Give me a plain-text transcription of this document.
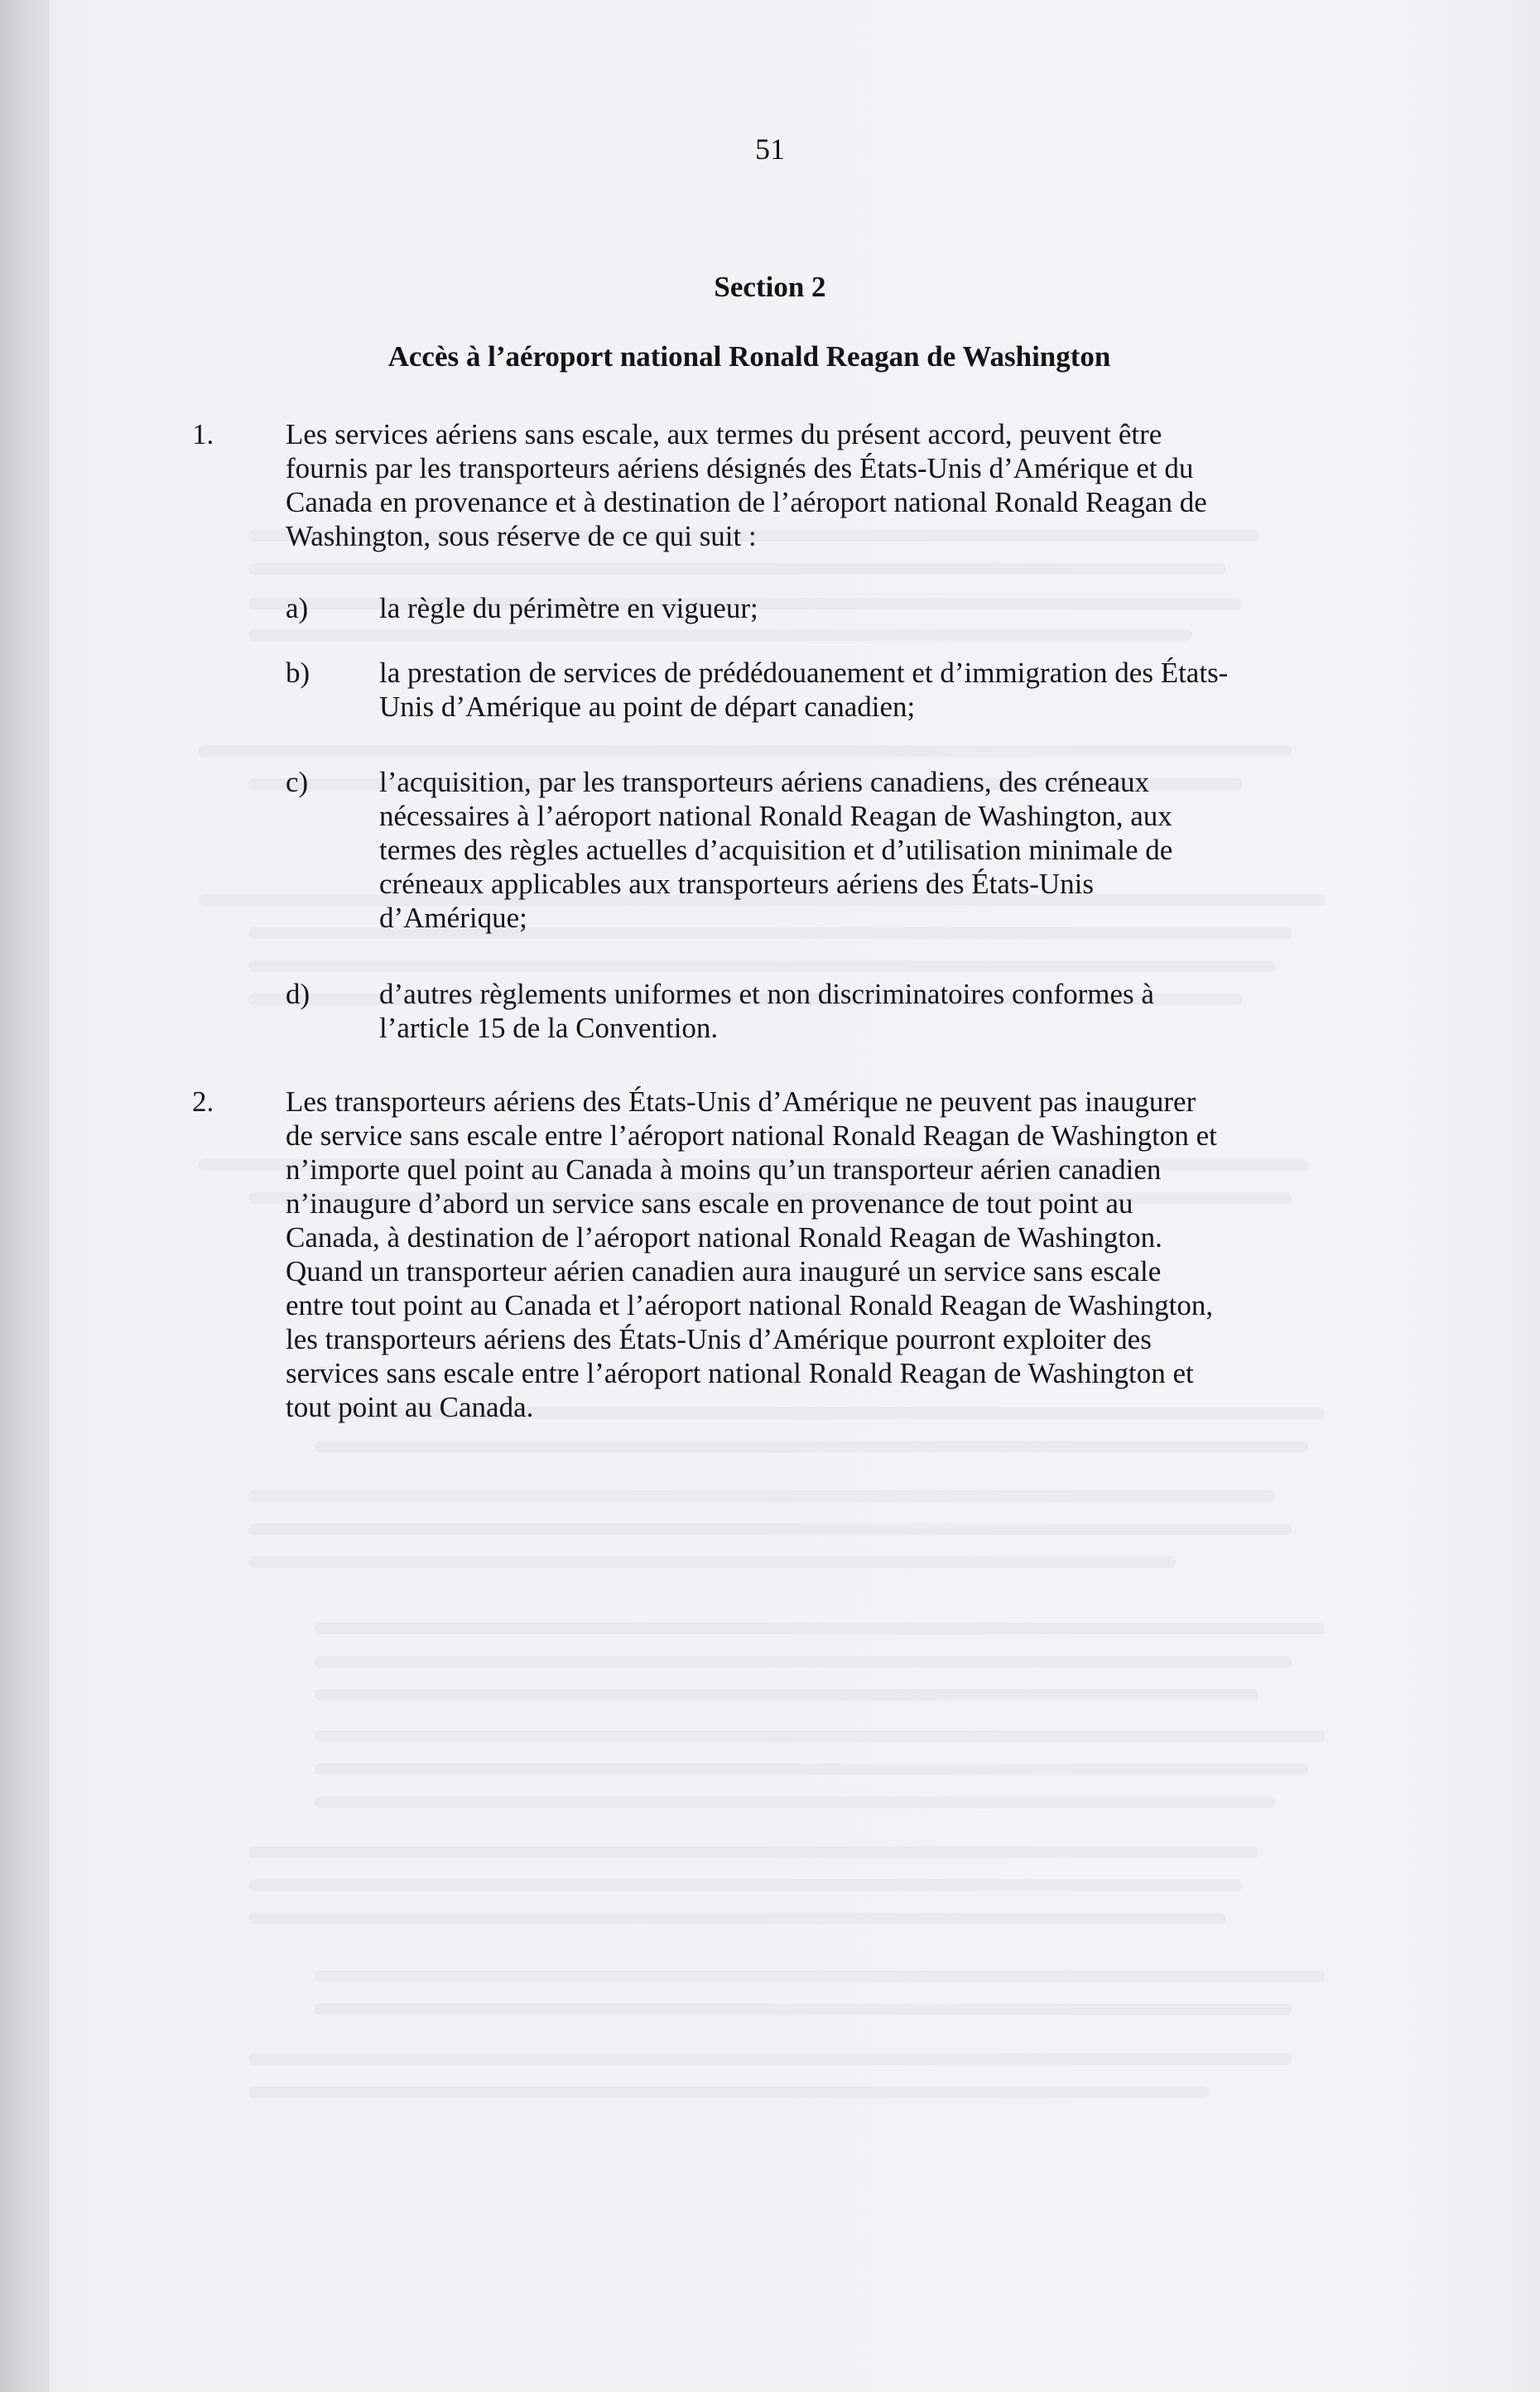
51
Section 2
Accès à l’aéroport national Ronald Reagan de Washington
1.	Les services aériens sans escale, aux termes du présent accord, peuvent être
fournis par les transporteurs aériens désignés des États-Unis d’Amérique et du
Canada en provenance et à destination de l’aéroport national Ronald Reagan de
Washington, sous réserve de ce qui suit :
a)	la règle du périmètre en vigueur;
b)	la prestation de services de prédédouanement et d’immigration des États-
Unis d’Amérique au point de départ canadien;
c)	l’acquisition, par les transporteurs aériens canadiens, des créneaux
nécessaires à l’aéroport national Ronald Reagan de Washington, aux
termes des règles actuelles d’acquisition et d’utilisation minimale de
créneaux applicables aux transporteurs aériens des États-Unis
d’Amérique;
d)	d’autres règlements uniformes et non discriminatoires conformes à
l’article 15 de la Convention.
2.	Les transporteurs aériens des États-Unis d’Amérique ne peuvent pas inaugurer
de service sans escale entre l’aéroport national Ronald Reagan de Washington et
n’importe quel point au Canada à moins qu’un transporteur aérien canadien
n’inaugure d’abord un service sans escale en provenance de tout point au
Canada, à destination de l’aéroport national Ronald Reagan de Washington.
Quand un transporteur aérien canadien aura inauguré un service sans escale
entre tout point au Canada et l’aéroport national Ronald Reagan de Washington,
les transporteurs aériens des États-Unis d’Amérique pourront exploiter des
services sans escale entre l’aéroport national Ronald Reagan de Washington et
tout point au Canada.
